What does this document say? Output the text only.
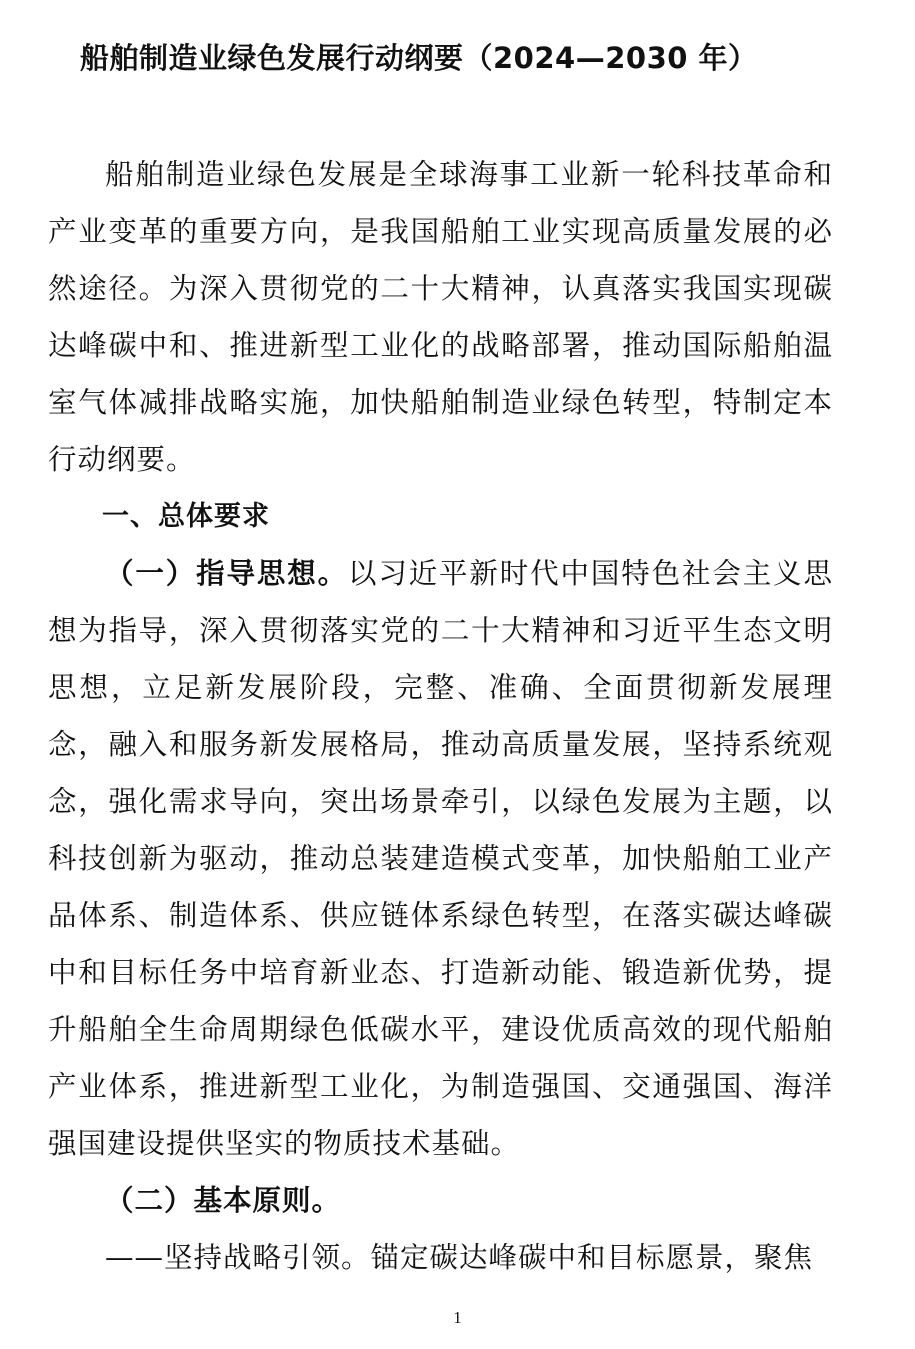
船舶制造业绿色发展行动纲要（2024—2030 年）

船舶制造业绿色发展是全球海事工业新一轮科技革命和产业变革的重要方向，是我国船舶工业实现高质量发展的必然途径。为深入贯彻党的二十大精神，认真落实我国实现碳达峰碳中和、推进新型工业化的战略部署，推动国际船舶温室气体减排战略实施，加快船舶制造业绿色转型，特制定本行动纲要。

一、总体要求

（一）指导思想。以习近平新时代中国特色社会主义思想为指导，深入贯彻落实党的二十大精神和习近平生态文明思想，立足新发展阶段，完整、准确、全面贯彻新发展理念，融入和服务新发展格局，推动高质量发展，坚持系统观念，强化需求导向，突出场景牵引，以绿色发展为主题，以科技创新为驱动，推动总装建造模式变革，加快船舶工业产品体系、制造体系、供应链体系绿色转型，在落实碳达峰碳中和目标任务中培育新业态、打造新动能、锻造新优势，提升船舶全生命周期绿色低碳水平，建设优质高效的现代船舶产业体系，推进新型工业化，为制造强国、交通强国、海洋强国建设提供坚实的物质技术基础。

（二）基本原则。

——坚持战略引领。锚定碳达峰碳中和目标愿景，聚焦

1
